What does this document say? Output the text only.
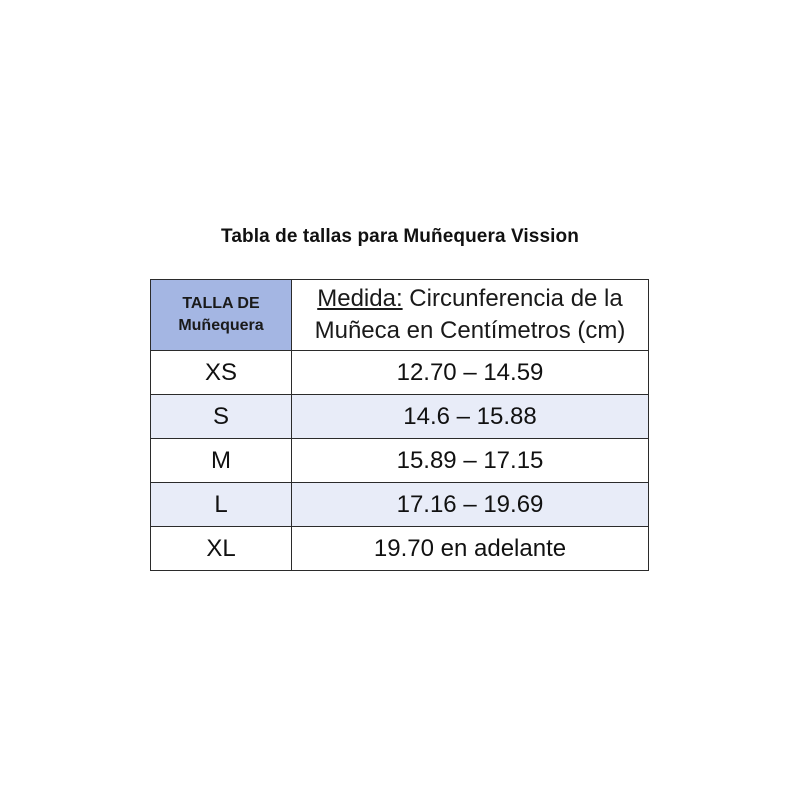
Tabla de tallas para Muñequera Vission
TALLA DE Muñequera	Medida: Circunferencia de la Muñeca en Centímetros (cm)
XS	12.70 – 14.59
S	14.6 – 15.88
M	15.89 – 17.15
L	17.16 – 19.69
XL	19.70 en adelante
